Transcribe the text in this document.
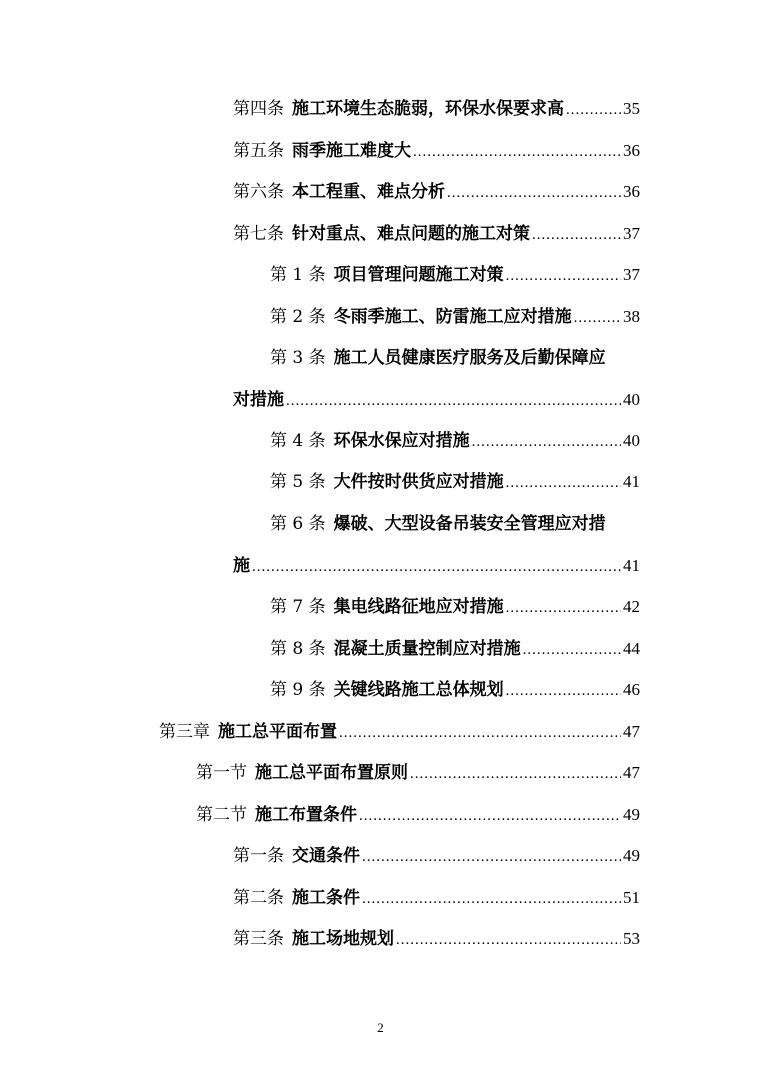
第四条 施工环境生态脆弱，环保水保要求高 .....	35
第五条 雨季施工难度大 .....	36
第六条 本工程重、难点分析 .....	36
第七条 针对重点、难点问题的施工对策 .....	37
第 1 条 项目管理问题施工对策 .....	37
第 2 条 冬雨季施工、防雷施工应对措施 .....	38
第 3 条 施工人员健康医疗服务及后勤保障应
对措施 .....	40
第 4 条 环保水保应对措施 .....	40
第 5 条 大件按时供货应对措施 .....	41
第 6 条 爆破、大型设备吊装安全管理应对措
施 .....	41
第 7 条 集电线路征地应对措施 .....	42
第 8 条 混凝土质量控制应对措施 .....	44
第 9 条 关键线路施工总体规划 .....	46
第三章 施工总平面布置 .....	47
第一节 施工总平面布置原则 .....	47
第二节 施工布置条件 .....	49
第一条 交通条件 .....	49
第二条 施工条件 .....	51
第三条 施工场地规划 .....	53
2
